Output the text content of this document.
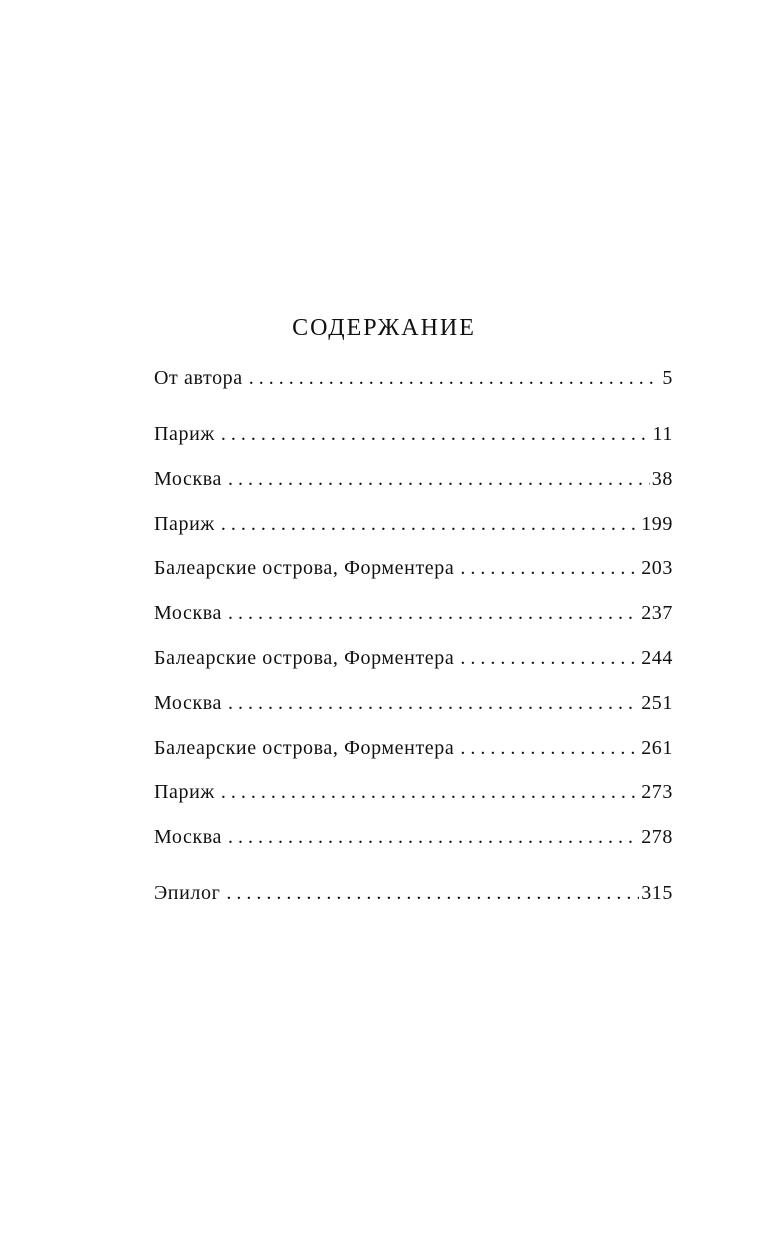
СОДЕРЖАНИЕ
От автора . . .	5
Париж . . .	11
Москва . . .	38
Париж . . .	199
Балеарские острова, Форментера . . .	203
Москва . . .	237
Балеарские острова, Форментера . . .	244
Москва . . .	251
Балеарские острова, Форментера . . .	261
Париж . . .	273
Москва . . .	278
Эпилог . . .	315
